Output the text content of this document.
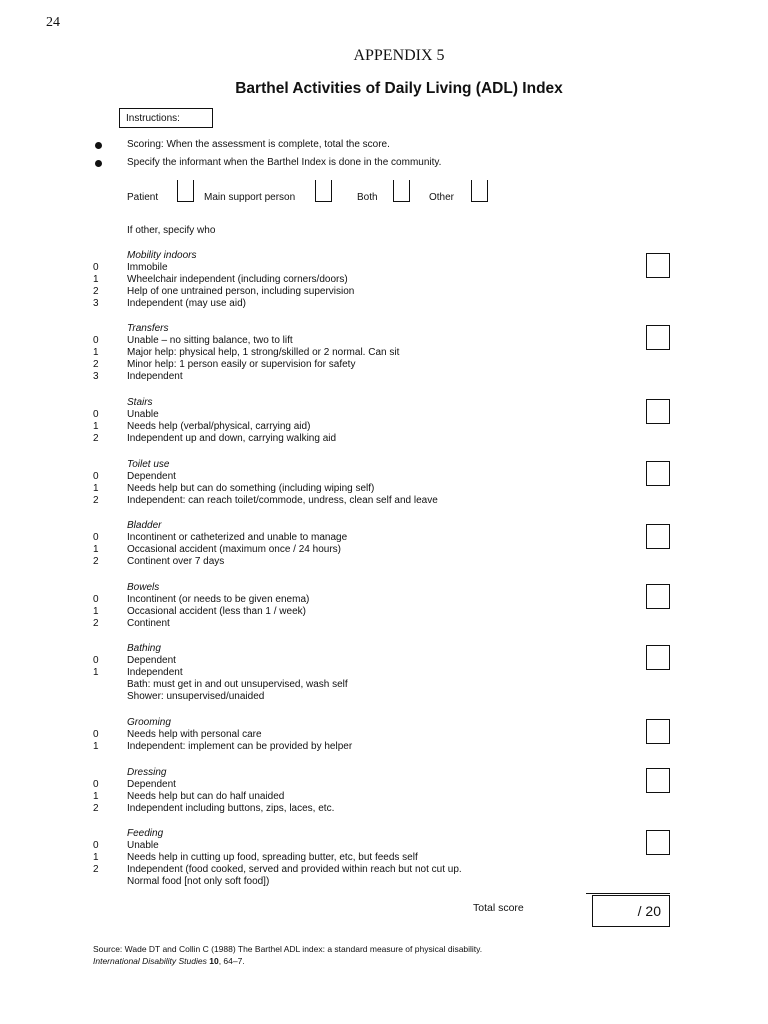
24
APPENDIX 5
Barthel Activities of Daily Living (ADL) Index
Instructions:
Scoring: When the assessment is complete, total the score.
Specify the informant when the Barthel Index is done in the community.
Patient	Main support person	Both	Other
If other, specify who
Mobility indoors
0	Immobile
1	Wheelchair independent (including corners/doors)
2	Help of one untrained person, including supervision
3	Independent (may use aid)
Transfers
0	Unable – no sitting balance, two to lift
1	Major help: physical help, 1 strong/skilled or 2 normal. Can sit
2	Minor help: 1 person easily or supervision for safety
3	Independent
Stairs
0	Unable
1	Needs help (verbal/physical, carrying aid)
2	Independent up and down, carrying walking aid
Toilet use
0	Dependent
1	Needs help but can do something (including wiping self)
2	Independent: can reach toilet/commode, undress, clean self and leave
Bladder
0	Incontinent or catheterized and unable to manage
1	Occasional accident (maximum once / 24 hours)
2	Continent over 7 days
Bowels
0	Incontinent (or needs to be given enema)
1	Occasional accident (less than 1 / week)
2	Continent
Bathing
0	Dependent
1	Independent
Bath: must get in and out unsupervised, wash self
Shower: unsupervised/unaided
Grooming
0	Needs help with personal care
1	Independent: implement can be provided by helper
Dressing
0	Dependent
1	Needs help but can do half unaided
2	Independent including buttons, zips, laces, etc.
Feeding
0	Unable
1	Needs help in cutting up food, spreading butter, etc, but feeds self
2	Independent (food cooked, served and provided within reach but not cut up.
Normal food [not only soft food])
Total score	/ 20
Source: Wade DT and Collin C (1988) The Barthel ADL index: a standard measure of physical disability.
International Disability Studies 10, 64–7.
